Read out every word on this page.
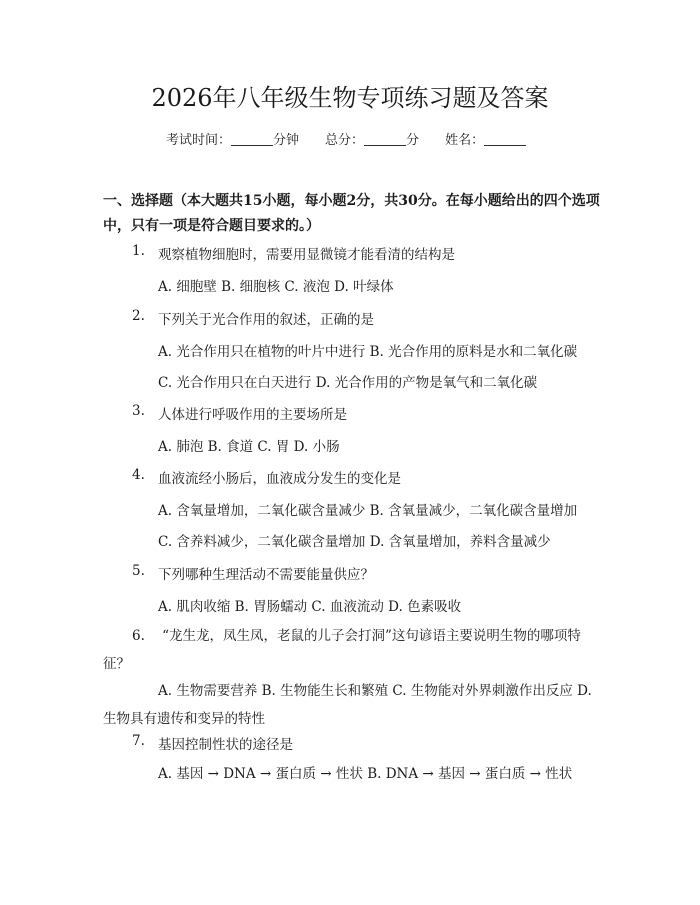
2026年八年级生物专项练习题及答案
考试时间：	分钟 总分：	分 姓名：
一、选择题（本大题共15小题，每小题2分，共30分。在每小题给出的四个选项中，只有一项是符合题目要求的。）
1. 观察植物细胞时，需要用显微镜才能看清的结构是
A. 细胞壁 B. 细胞核 C. 液泡 D. 叶绿体
2. 下列关于光合作用的叙述，正确的是
A. 光合作用只在植物的叶片中进行 B. 光合作用的原料是水和二氧化碳
C. 光合作用只在白天进行 D. 光合作用的产物是氧气和二氧化碳
3. 人体进行呼吸作用的主要场所是
A. 肺泡 B. 食道 C. 胃 D. 小肠
4. 血液流经小肠后，血液成分发生的变化是
A. 含氧量增加，二氧化碳含量减少 B. 含氧量减少，二氧化碳含量增加
C. 含养料减少，二氧化碳含量增加 D. 含氧量增加，养料含量减少
5. 下列哪种生理活动不需要能量供应？
A. 肌肉收缩 B. 胃肠蠕动 C. 血液流动 D. 色素吸收
6. “龙生龙，凤生凤，老鼠的儿子会打洞”这句谚语主要说明生物的哪项特征？
A. 生物需要营养 B. 生物能生长和繁殖 C. 生物能对外界刺激作出反应 D. 生物具有遗传和变异的特性
7. 基因控制性状的途径是
A. 基因 → DNA → 蛋白质 → 性状 B. DNA → 基因 → 蛋白质 → 性状
